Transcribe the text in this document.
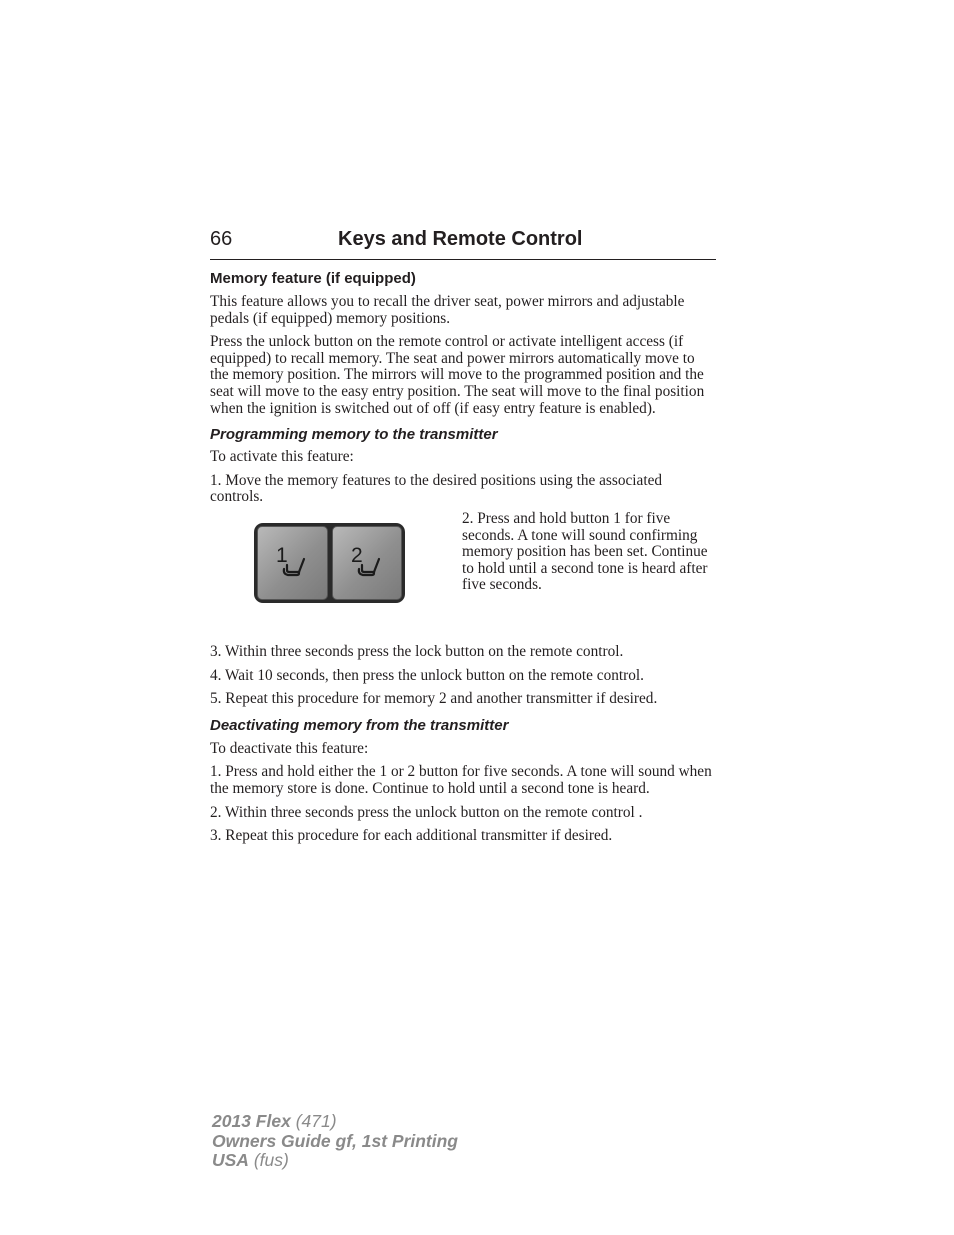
66	Keys and Remote Control
Memory feature (if equipped)

This feature allows you to recall the driver seat, power mirrors and adjustable pedals (if equipped) memory positions.

Press the unlock button on the remote control or activate intelligent access (if equipped) to recall memory. The seat and power mirrors automatically move to the memory position. The mirrors will move to the programmed position and the seat will move to the easy entry position. The seat will move to the final position when the ignition is switched out of off (if easy entry feature is enabled).

Programming memory to the transmitter

To activate this feature:

1. Move the memory features to the desired positions using the associated controls.

1	2

2. Press and hold button 1 for five seconds. A tone will sound confirming memory position has been set. Continue to hold until a second tone is heard after five seconds.

3. Within three seconds press the lock button on the remote control.

4. Wait 10 seconds, then press the unlock button on the remote control.

5. Repeat this procedure for memory 2 and another transmitter if desired.

Deactivating memory from the transmitter

To deactivate this feature:

1. Press and hold either the 1 or 2 button for five seconds. A tone will sound when the memory store is done. Continue to hold until a second tone is heard.

2. Within three seconds press the unlock button on the remote control .

3. Repeat this procedure for each additional transmitter if desired.

2013 Flex (471)
Owners Guide gf, 1st Printing
USA (fus)
